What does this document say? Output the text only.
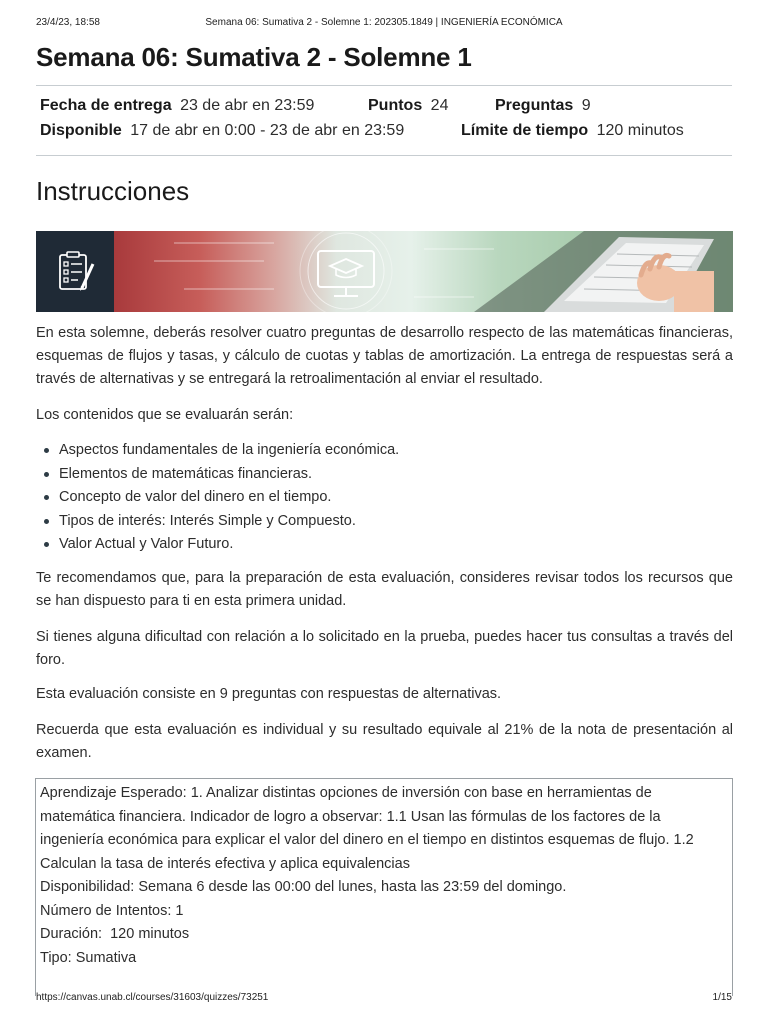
23/4/23, 18:58	Semana 06: Sumativa 2 - Solemne 1: 202305.1849 | INGENIERÍA ECONÓMICA
Semana 06: Sumativa 2 - Solemne 1
Fecha de entrega 23 de abr en 23:59	Puntos 24	Preguntas 9
Disponible 17 de abr en 0:00 - 23 de abr en 23:59	Límite de tiempo 120 minutos
Instrucciones

En esta solemne, deberás resolver cuatro preguntas de desarrollo respecto de las matemáticas financieras, esquemas de flujos y tasas, y cálculo de cuotas y tablas de amortización. La entrega de respuestas será a través de alternativas y se entregará la retroalimentación al enviar el resultado.

Los contenidos que se evaluarán serán:

Aspectos fundamentales de la ingeniería económica.
Elementos de matemáticas financieras.
Concepto de valor del dinero en el tiempo.
Tipos de interés: Interés Simple y Compuesto.
Valor Actual y Valor Futuro.

Te recomendamos que, para la preparación de esta evaluación, consideres revisar todos los recursos que se han dispuesto para ti en esta primera unidad.

Si tienes alguna dificultad con relación a lo solicitado en la prueba, puedes hacer tus consultas a través del foro.

Esta evaluación consiste en 9 preguntas con respuestas de alternativas.

Recuerda que esta evaluación es individual y su resultado equivale al 21% de la nota de presentación al examen.

Aprendizaje Esperado: 1. Analizar distintas opciones de inversión con base en herramientas de
matemática financiera. Indicador de logro a observar: 1.1 Usan las fórmulas de los factores de la
ingeniería económica para explicar el valor del dinero en el tiempo en distintos esquemas de flujo. 1.2
Calculan la tasa de interés efectiva y aplica equivalencias
Disponibilidad: Semana 6 desde las 00:00 del lunes, hasta las 23:59 del domingo.
Número de Intentos: 1
Duración:  120 minutos
Tipo: Sumativa
https://canvas.unab.cl/courses/31603/quizzes/73251	1/15
